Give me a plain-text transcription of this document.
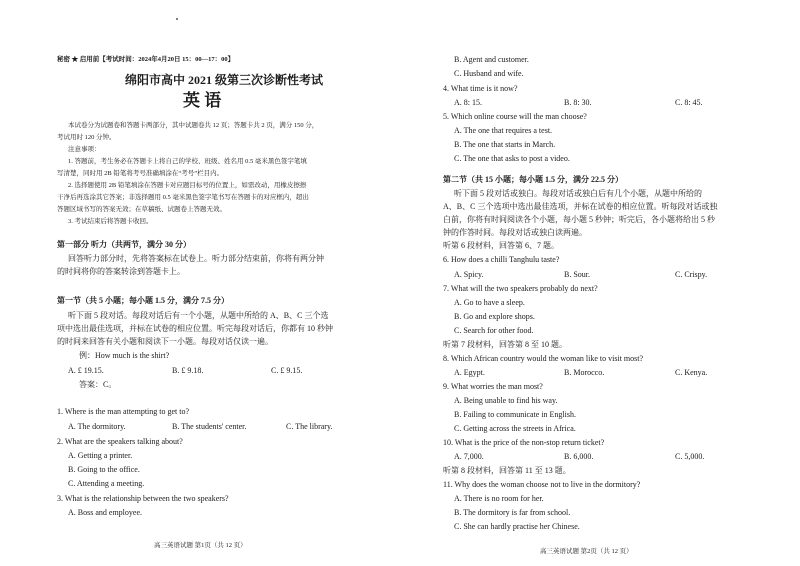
秘密 ★ 启用前【考试时间：2024年4月20日 15：00—17：00】
绵阳市高中 2021 级第三次诊断性考试
英 语
本试卷分为试题卷和答题卡两部分，其中试题卷共 12 页；答题卡共 2 页，满分 150 分，
考试用时 120 分钟。
注意事项：
1. 答题前，考生务必在答题卡上将自己的学校、班级、姓名用 0.5 毫米黑色签字笔填
写清楚，同时用 2B 铅笔将考号准确填涂在“考号”栏目内。
2. 选择题使用 2B 铅笔填涂在答题卡对应题目标号的位置上，如需改动，用橡皮擦擦
干净后再选涂其它答案；非选择题用 0.5 毫米黑色签字笔书写在答题卡的对应框内，超出
答题区域书写的答案无效；在草稿纸、试题卷上答题无效。
3. 考试结束后将答题卡收回。
第一部分 听力（共两节，满分 30 分）
回答听力部分时，先将答案标在试卷上。听力部分结束前，你将有两分钟
的时间将你的答案转涂到答题卡上。
第一节（共 5 小题；每小题 1.5 分，满分 7.5 分）
听下面 5 段对话。每段对话后有一个小题，从题中所给的 A、B、C 三个选
项中选出最佳选项，并标在试卷的相应位置。听完每段对话后，你都有 10 秒钟
的时间来回答有关小题和阅读下一小题。每段对话仅读一遍。
例：How much is the shirt?
A. £ 19.15.	B. £ 9.18.	C. £ 9.15.
答案：C。
1. Where is the man attempting to get to?
A. The dormitory.	B. The students' center.	C. The library.
2. What are the speakers talking about?
A. Getting a printer.
B. Going to the office.
C. Attending a meeting.
3. What is the relationship between the two speakers?
A. Boss and employee.
高三英语试题 第1页（共 12 页）
B. Agent and customer.
C. Husband and wife.
4. What time is it now?
A. 8: 15.	B. 8: 30.	C. 8: 45.
5. Which online course will the man choose?
A. The one that requires a test.
B. The one that starts in March.
C. The one that asks to post a video.
第二节（共 15 小题；每小题 1.5 分，满分 22.5 分）
听下面 5 段对话或独白。每段对话或独白后有几个小题，从题中所给的
A、B、C 三个选项中选出最佳选项，并标在试卷的相应位置。听每段对话或独
白前，你将有时间阅读各个小题，每小题 5 秒钟；听完后，各小题将给出 5 秒
钟的作答时间。每段对话或独白读两遍。
听第 6 段材料，回答第 6、7 题。
6. How does a chilli Tanghulu taste?
A. Spicy.	B. Sour.	C. Crispy.
7. What will the two speakers probably do next?
A. Go to have a sleep.
B. Go and explore shops.
C. Search for other food.
听第 7 段材料，回答第 8 至 10 题。
8. Which African country would the woman like to visit most?
A. Egypt.	B. Morocco.	C. Kenya.
9. What worries the man most?
A. Being unable to find his way.
B. Failing to communicate in English.
C. Getting across the streets in Africa.
10. What is the price of the non-stop return ticket?
A. 7,000.	B. 6,000.	C. 5,000.
听第 8 段材料，回答第 11 至 13 题。
11. Why does the woman choose not to live in the dormitory?
A. There is no room for her.
B. The dormitory is far from school.
C. She can hardly practise her Chinese.
高三英语试题 第2页（共 12 页）
